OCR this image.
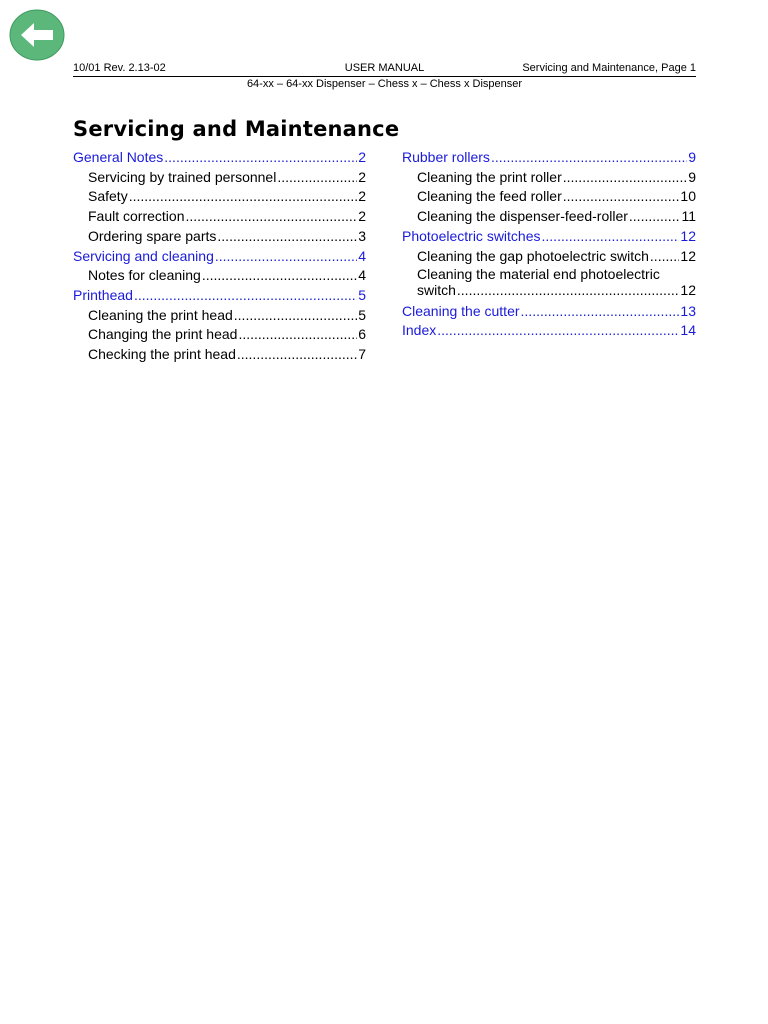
10/01 Rev. 2.13-02	USER MANUAL	Servicing and Maintenance, Page 1
64-xx – 64-xx Dispenser – Chess x – Chess x Dispenser
Servicing and Maintenance
General Notes .....	2
Servicing by trained personnel .....	2
Safety .....	2
Fault correction .....	2
Ordering spare parts .....	3
Servicing and cleaning .....	4
Notes for cleaning .....	4
Printhead .....	5
Cleaning the print head .....	5
Changing the print head .....	6
Checking the print head .....	7
Rubber rollers .....	9
Cleaning the print roller .....	9
Cleaning the feed roller .....	10
Cleaning the dispenser-feed-roller .....	11
Photoelectric switches .....	12
Cleaning the gap photoelectric switch ..... 12
Cleaning the material end photoelectric
switch .....	12
Cleaning the cutter .....	13
Index .....	14
